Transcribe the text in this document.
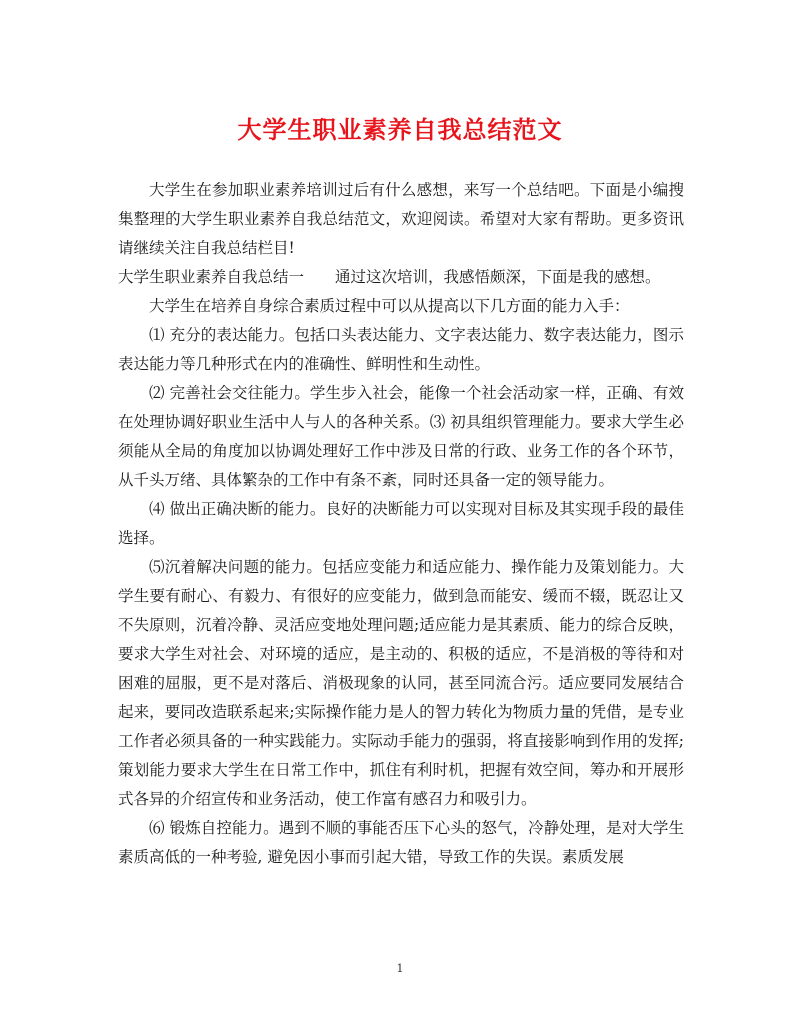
大学生职业素养自我总结范文

大学生在参加职业素养培训过后有什么感想，来写一个总结吧。下面是小编搜集整理的大学生职业素养自我总结范文，欢迎阅读。希望对大家有帮助。更多资讯请继续关注自我总结栏目!

大学生职业素养自我总结一　　通过这次培训，我感悟颇深，下面是我的感想。

大学生在培养自身综合素质过程中可以从提高以下几方面的能力入手：

⑴ 充分的表达能力。包括口头表达能力、文字表达能力、数字表达能力，图示表达能力等几种形式在内的准确性、鲜明性和生动性。

⑵ 完善社会交往能力。学生步入社会，能像一个社会活动家一样，正确、有效在处理协调好职业生活中人与人的各种关系。⑶ 初具组织管理能力。要求大学生必须能从全局的角度加以协调处理好工作中涉及日常的行政、业务工作的各个环节，从千头万绪、具体繁杂的工作中有条不紊，同时还具备一定的领导能力。

⑷ 做出正确决断的能力。良好的决断能力可以实现对目标及其实现手段的最佳选择。

⑸沉着解决问题的能力。包括应变能力和适应能力、操作能力及策划能力。大学生要有耐心、有毅力、有很好的应变能力，做到急而能安、缓而不辍，既忍让又不失原则，沉着冷静、灵活应变地处理问题;适应能力是其素质、能力的综合反映，要求大学生对社会、对环境的适应，是主动的、积极的适应，不是消极的等待和对困难的屈服，更不是对落后、消极现象的认同，甚至同流合污。适应要同发展结合起来，要同改造联系起来;实际操作能力是人的智力转化为物质力量的凭借，是专业工作者必须具备的一种实践能力。实际动手能力的强弱，将直接影响到作用的发挥;策划能力要求大学生在日常工作中，抓住有利时机，把握有效空间，筹办和开展形式各异的介绍宣传和业务活动，使工作富有感召力和吸引力。

⑹ 锻炼自控能力。遇到不顺的事能否压下心头的怒气，冷静处理，是对大学生素质高低的一种考验, 避免因小事而引起大错，导致工作的失误。素质发展

1
